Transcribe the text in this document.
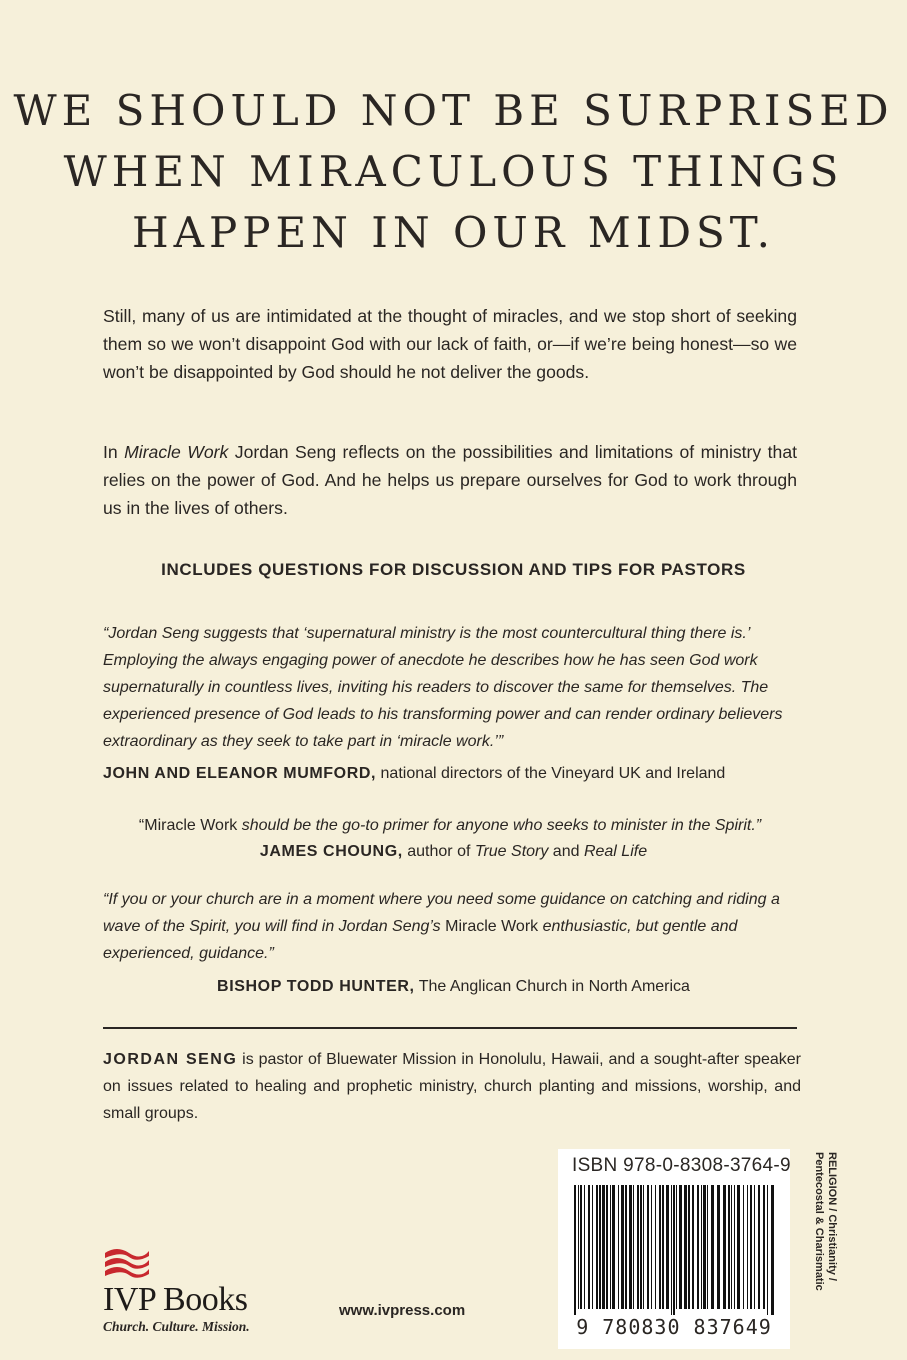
WE SHOULD NOT BE SURPRISED
WHEN MIRACULOUS THINGS
HAPPEN IN OUR MIDST.

Still, many of us are intimidated at the thought of miracles, and we stop short of seeking them so we won’t disappoint God with our lack of faith, or—if we’re being honest—so we won’t be disappointed by God should he not deliver the goods.

In Miracle Work Jordan Seng reflects on the possibilities and limitations of ministry that relies on the power of God. And he helps us prepare ourselves for God to work through us in the lives of others.

INCLUDES QUESTIONS FOR DISCUSSION AND TIPS FOR PASTORS
“Jordan Seng suggests that ‘supernatural ministry is the most countercultural thing there is.’ Employing the always engaging power of anecdote he describes how he has seen God work supernaturally in countless lives, inviting his readers to discover the same for themselves. The experienced presence of God leads to his transforming power and can render ordinary believers extraordinary as they seek to take part in ‘miracle work.’”
JOHN AND ELEANOR MUMFORD, national directors of the Vineyard UK and Ireland
“Miracle Work should be the go-to primer for anyone who seeks to minister in the Spirit.”
JAMES CHOUNG, author of True Story and Real Life
“If you or your church are in a moment where you need some guidance on catching and riding a wave of the Spirit, you will find in Jordan Seng’s Miracle Work enthusiastic, but gentle and experienced, guidance.”
BISHOP TODD HUNTER, The Anglican Church in North America
JORDAN SENG is pastor of Bluewater Mission in Honolulu, Hawaii, and a sought-after speaker on issues related to healing and prophetic ministry, church planting and missions, worship, and small groups.
ISBN 978-0-8308-3764-9
9 780830 837649
RELIGION / Christianity /
Pentecostal & Charismatic
IVP Books
Church. Culture. Mission.
www.ivpress.com
